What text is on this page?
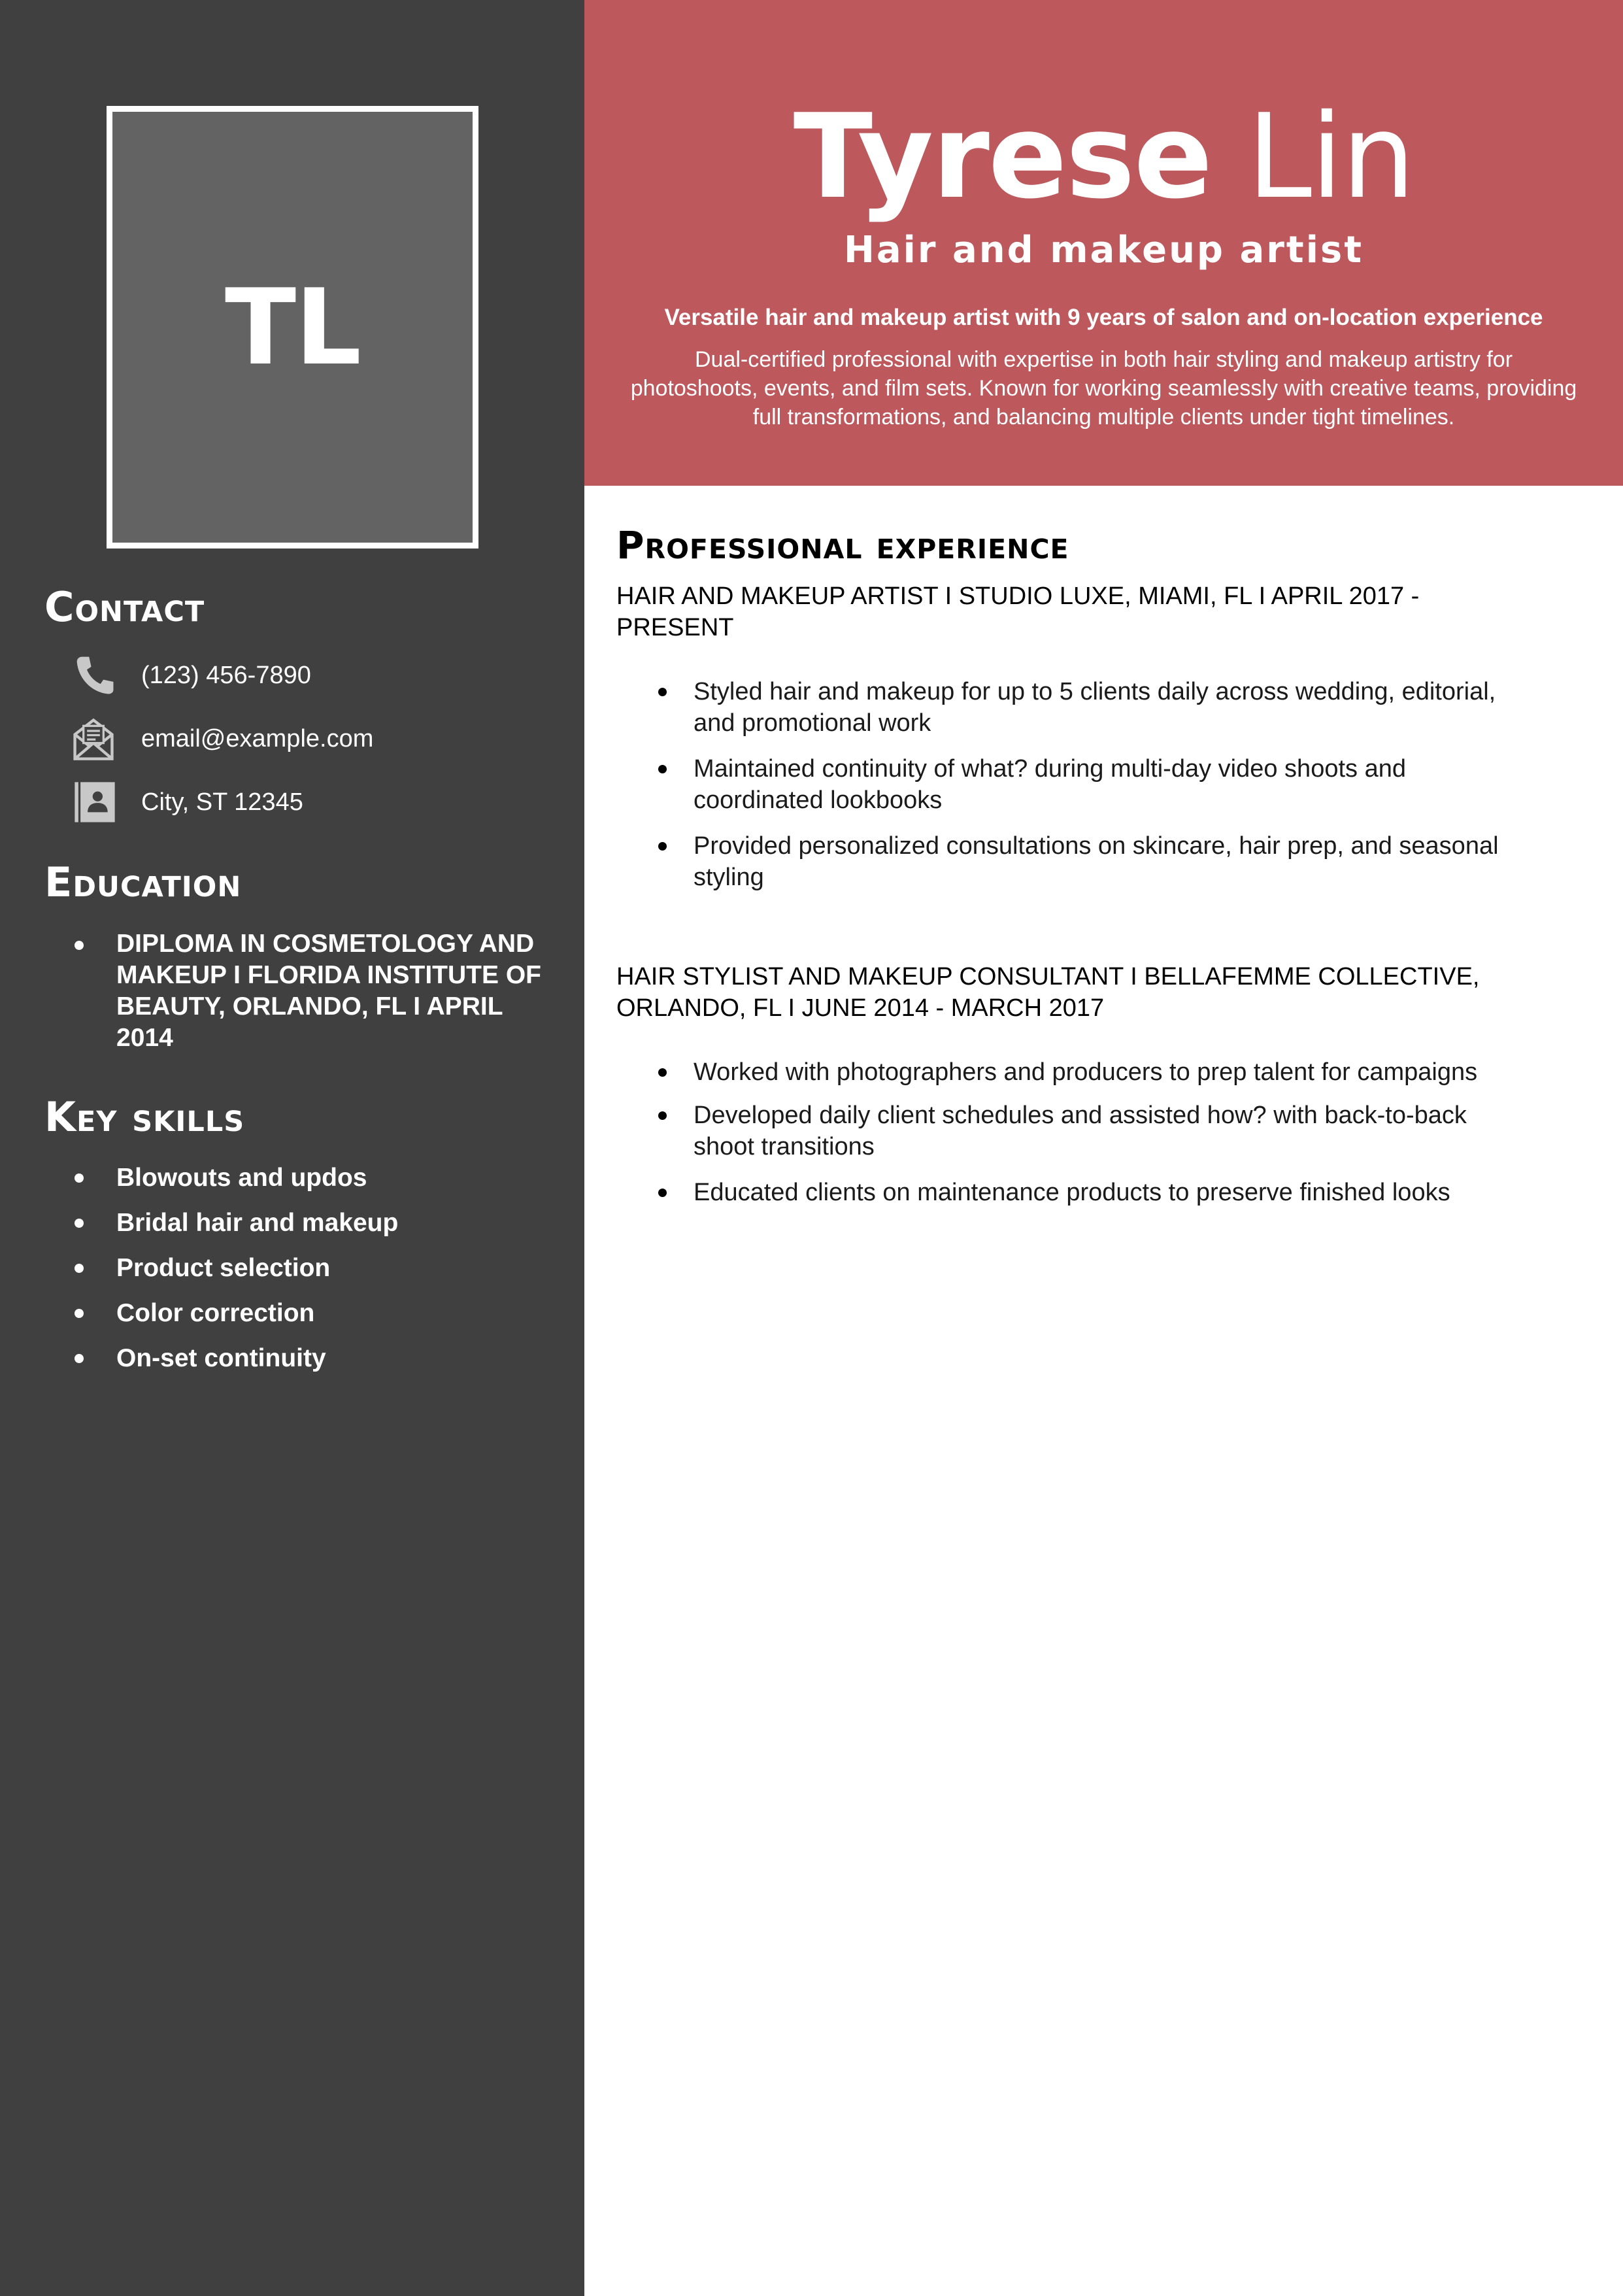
TL
Contact
(123) 456-7890
email@example.com
City, ST 12345
Education
DIPLOMA IN COSMETOLOGY AND MAKEUP I FLORIDA INSTITUTE OF BEAUTY, ORLANDO, FL I APRIL 2014
Key skills
Blowouts and updos
Bridal hair and makeup
Product selection
Color correction
On-set continuity
Tyrese Lin
Hair and makeup artist
Versatile hair and makeup artist with 9 years of salon and on-location experience
Dual-certified professional with expertise in both hair styling and makeup artistry for photoshoots, events, and film sets. Known for working seamlessly with creative teams, providing full transformations, and balancing multiple clients under tight timelines.
Professional experience
HAIR AND MAKEUP ARTIST I STUDIO LUXE, MIAMI, FL I APRIL 2017 - PRESENT
Styled hair and makeup for up to 5 clients daily across wedding, editorial, and promotional work
Maintained continuity of what? during multi-day video shoots and coordinated lookbooks
Provided personalized consultations on skincare, hair prep, and seasonal styling
HAIR STYLIST AND MAKEUP CONSULTANT I BELLAFEMME COLLECTIVE, ORLANDO, FL I JUNE 2014 - MARCH 2017
Worked with photographers and producers to prep talent for campaigns
Developed daily client schedules and assisted how? with back-to-back shoot transitions
Educated clients on maintenance products to preserve finished looks
